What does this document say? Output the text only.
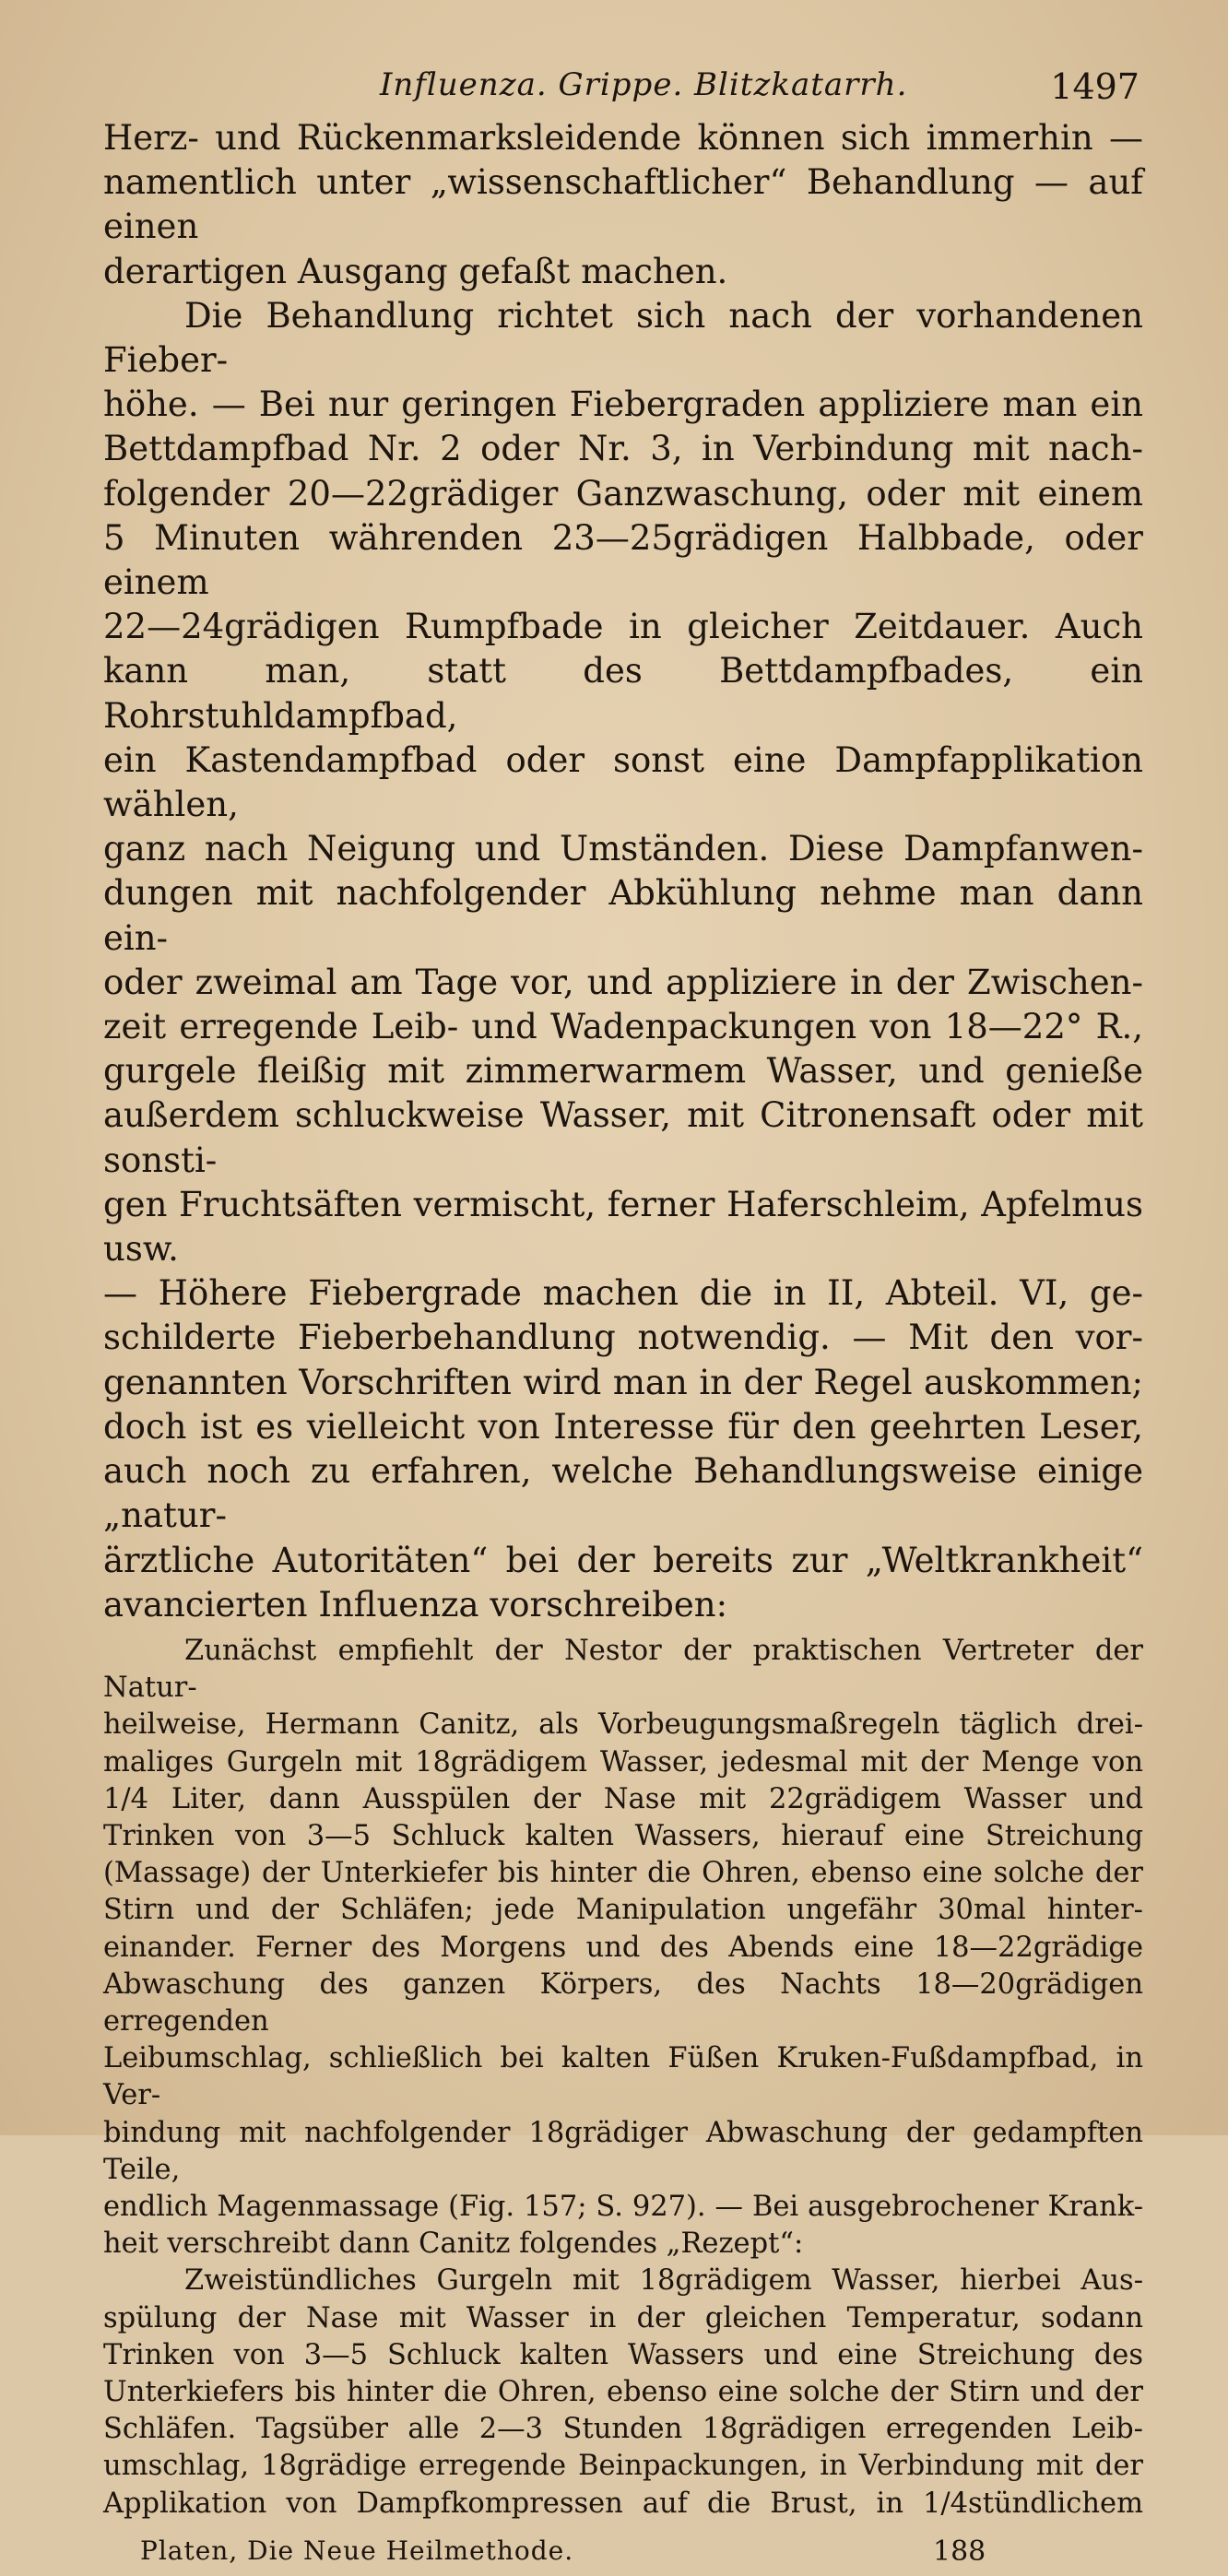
Influenza. Grippe. Blitzkatarrh.	1497

Herz- und Rückenmarksleidende können sich immerhin —

namentlich unter „wissenschaftlicher“ Behandlung — auf einen

derartigen Ausgang gefaßt machen.

Die Behandlung richtet sich nach der vorhandenen Fieber-

höhe. — Bei nur geringen Fiebergraden appliziere man ein

Bettdampfbad Nr. 2 oder Nr. 3, in Verbindung mit nach-

folgender 20—22grädiger Ganzwaschung, oder mit einem

5 Minuten währenden 23—25grädigen Halbbade, oder einem

22—24grädigen Rumpfbade in gleicher Zeitdauer. Auch

kann man, statt des Bettdampfbades, ein Rohrstuhldampfbad,

ein Kastendampfbad oder sonst eine Dampfapplikation wählen,

ganz nach Neigung und Umständen. Diese Dampfanwen-

dungen mit nachfolgender Abkühlung nehme man dann ein-

oder zweimal am Tage vor, und appliziere in der Zwischen-

zeit erregende Leib- und Wadenpackungen von 18—22° R.,

gurgele fleißig mit zimmerwarmem Wasser, und genieße

außerdem schluckweise Wasser, mit Citronensaft oder mit sonsti-

gen Fruchtsäften vermischt, ferner Haferschleim, Apfelmus usw.

— Höhere Fiebergrade machen die in II, Abteil. VI, ge-

schilderte Fieberbehandlung notwendig. — Mit den vor-

genannten Vorschriften wird man in der Regel auskommen;

doch ist es vielleicht von Interesse für den geehrten Leser,

auch noch zu erfahren, welche Behandlungsweise einige „natur-

ärztliche Autoritäten“ bei der bereits zur „Weltkrankheit“

avancierten Influenza vorschreiben:

Zunächst empfiehlt der Nestor der praktischen Vertreter der Natur-

heilweise, Hermann Canitz, als Vorbeugungsmaßregeln täglich drei-

maliges Gurgeln mit 18grädigem Wasser, jedesmal mit der Menge von

1/4 Liter, dann Ausspülen der Nase mit 22grädigem Wasser und

Trinken von 3—5 Schluck kalten Wassers, hierauf eine Streichung

(Massage) der Unterkiefer bis hinter die Ohren, ebenso eine solche der

Stirn und der Schläfen; jede Manipulation ungefähr 30mal hinter-

einander. Ferner des Morgens und des Abends eine 18—22grädige

Abwaschung des ganzen Körpers, des Nachts 18—20grädigen erregenden

Leibumschlag, schließlich bei kalten Füßen Kruken-Fußdampfbad, in Ver-

bindung mit nachfolgender 18grädiger Abwaschung der gedampften Teile,

endlich Magenmassage (Fig. 157; S. 927). — Bei ausgebrochener Krank-

heit verschreibt dann Canitz folgendes „Rezept“:

Zweistündliches Gurgeln mit 18grädigem Wasser, hierbei Aus-

spülung der Nase mit Wasser in der gleichen Temperatur, sodann

Trinken von 3—5 Schluck kalten Wassers und eine Streichung des

Unterkiefers bis hinter die Ohren, ebenso eine solche der Stirn und der

Schläfen. Tagsüber alle 2—3 Stunden 18grädigen erregenden Leib-

umschlag, 18grädige erregende Beinpackungen, in Verbindung mit der

Applikation von Dampfkompressen auf die Brust, in 1/4stündlichem

Platen, Die Neue Heilmethode.	188
